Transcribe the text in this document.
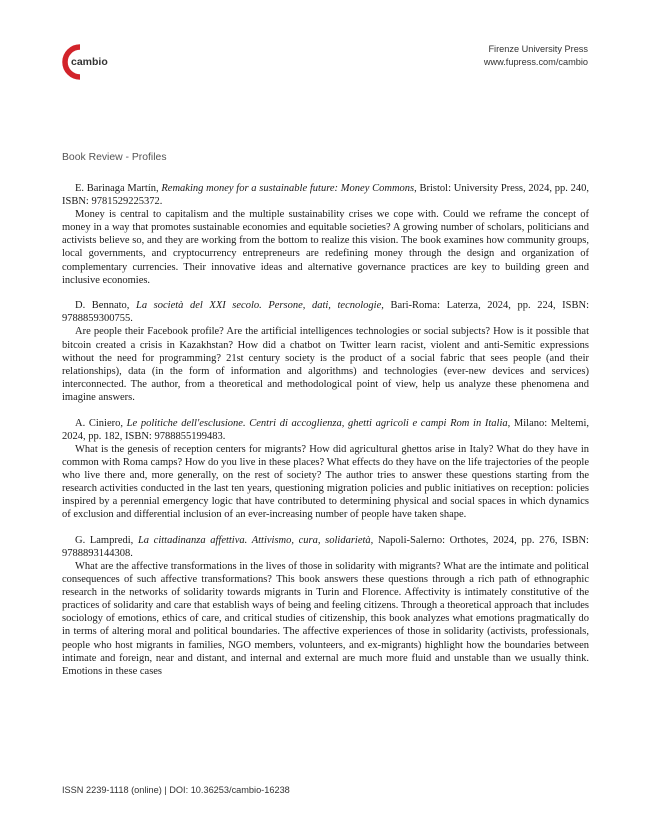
cambio
Firenze University Press
www.fupress.com/cambio
Book Review - Profiles

E. Barinaga Martín, Remaking money for a sustainable future: Money Commons, Bristol: University Press, 2024, pp. 240, ISBN: 9781529225372.

Money is central to capitalism and the multiple sustainability crises we cope with. Could we reframe the concept of money in a way that promotes sustainable economies and equitable societies? A growing number of scholars, politicians and activists believe so, and they are working from the bottom to realize this vision. The book examines how community groups, local governments, and cryptocurrency entrepreneurs are redefining money through the design and organization of complementary currencies. Their innovative ideas and alternative governance practices are key to building green and inclusive economies.

D. Bennato, La società del XXI secolo. Persone, dati, tecnologie, Bari-Roma: Laterza, 2024, pp. 224, ISBN: 9788859300755.

Are people their Facebook profile? Are the artificial intelligences technologies or social subjects? How is it possible that bitcoin created a crisis in Kazakhstan? How did a chatbot on Twitter learn racist, violent and anti-Semitic expressions without the need for programming? 21st century society is the product of a social fabric that sees people (and their relationships), data (in the form of information and algorithms) and technologies (ever-new devices and services) interconnected. The author, from a theoretical and methodological point of view, help us analyze these phenomena and imagine answers.

A. Ciniero, Le politiche dell'esclusione. Centri di accoglienza, ghetti agricoli e campi Rom in Italia, Milano: Meltemi, 2024, pp. 182, ISBN: 9788855199483.

What is the genesis of reception centers for migrants? How did agricultural ghettos arise in Italy? What do they have in common with Roma camps? How do you live in these places? What effects do they have on the life trajectories of the people who live there and, more generally, on the rest of society? The author tries to answer these questions starting from the research activities conducted in the last ten years, questioning migration policies and public initiatives on reception: policies inspired by a perennial emergency logic that have contributed to determining physical and social spaces in which dynamics of exclusion and differential inclusion of an ever-increasing number of people have taken shape.

G. Lampredi, La cittadinanza affettiva. Attivismo, cura, solidarietà, Napoli-Salerno: Orthotes, 2024, pp. 276, ISBN: 9788893144308.

What are the affective transformations in the lives of those in solidarity with migrants? What are the intimate and political consequences of such affective transformations? This book answers these questions through a rich path of ethnographic research in the networks of solidarity towards migrants in Turin and Florence. Affectivity is intimately constitutive of the practices of solidarity and care that establish ways of being and feeling citizens. Through a theoretical approach that includes sociology of emotions, ethics of care, and critical studies of citizenship, this book analyzes what emotions pragmatically do in terms of altering moral and political boundaries. The affective experiences of those in solidarity (activists, professionals, people who host migrants in families, NGO members, volunteers, and ex-migrants) highlight how the boundaries between intimate and foreign, near and distant, and internal and external are much more fluid and unstable than we usually think. Emotions in these cases

ISSN 2239-1118 (online) | DOI: 10.36253/cambio-16238
